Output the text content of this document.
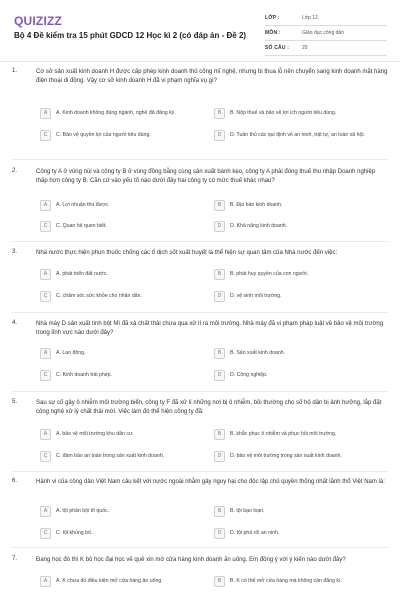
QUIZIZZ
Bộ 4 Đề kiểm tra 15 phút GDCD 12 Học kì 2 (có đáp án - Đề 2)
LỚP :	Lớp 12
MÔN :	Giáo dục công dân
SỐ CÂU :	20
1.	Cơ sở sản xuất kinh doanh H được cấp phép kinh doanh thủ công mĩ nghệ, nhưng bị thua lỗ nên chuyển sang kinh doanh mặt hàng điện thoại di động. Vậy cơ sở kinh doanh H đã vi phạm nghĩa vụ gì?
A	A. Kinh doanh không đúng ngành, nghề đã đăng ký.	B	B. Nộp thuế và bảo vệ lợi ích người tiêu dùng.
C	C. Bảo vệ quyền lợi của người tiêu dùng.	D	D. Tuân thủ các qui định về an ninh, trật tự, an toàn xã hội.
2.	Công ty A ở vùng núi và công ty B ở vùng đồng bằng cùng sản xuất bánh kẹo, công ty A phải đóng thuế thu nhập Doanh nghiệp thấp hơn công ty B. Căn cứ vào yếu tố nào dưới đây hai công ty có mức thuế khác nhau?
A	A. Lợi nhuận thu được.	B	B. Địa bàn kinh doanh.
C	C. Quan hệ quen biết.	D	D. Khả năng kinh doanh.
3.	Nhà nước thực hiện phun thuốc chống các ổ dịch sốt xuất huyết là thể hiện sự quan tâm của Nhà nước đến việc:
A	A. phát triển đất nước.	B	B. phát huy quyền của con người.
C	C. chăm sóc sức khỏe cho nhân dân.	D	D. vệ sinh môi trường.
4.	Nhà máy D sản xuất tinh bột Mì đã xả chất thải chưa qua xử lí ra môi trường. Nhà máy đã vi phạm pháp luật về bảo vệ môi trường trong lĩnh vực nào dưới đây?
A	A. Lao động.	B	B. Sản xuất kinh doanh.
C	C. Kinh doanh trái phép.	D	D. Công nghiệp.
5.	Sau sự cố gây ô nhiễm môi trường biển, công ty F đã xử lí những nơi bị ô nhiễm, bồi thường cho số hộ dân bị ảnh hưởng, lắp đặt công nghệ xử lý chất thải mới. Việc làm đó thể hiện công ty đã:
A	A. bảo vệ môi trường khu dân cư.	B	B. khắc phục ô nhiễm và phục hồi môi trường.
C	C. đảm bảo an toàn trong sản xuất kinh doanh.	D	D. bảo vệ môi trường trong sản xuất kinh doanh.
6.	Hành vi của công dân Việt Nam câu kết với nước ngoài nhằm gây nguy hại cho độc lập chủ quyền thống nhất lãnh thổ Việt Nam là:
A	A. tội phản bội tổ quốc.	B	B. tội bạo loạn.
C	C. tội khủng bố.	D	D. tội phá rối an ninh.
7.	Đang học đó thì K bỏ học đại học về quê xin mở cửa hàng kinh doanh ăn uống. Em đồng ý với ý kiến nào dưới đây?
A	A. K chưa đủ điều kiện mở cửa hàng ăn uống.	B	B. K có thể mở cửa hàng mà không cần đăng kí.
